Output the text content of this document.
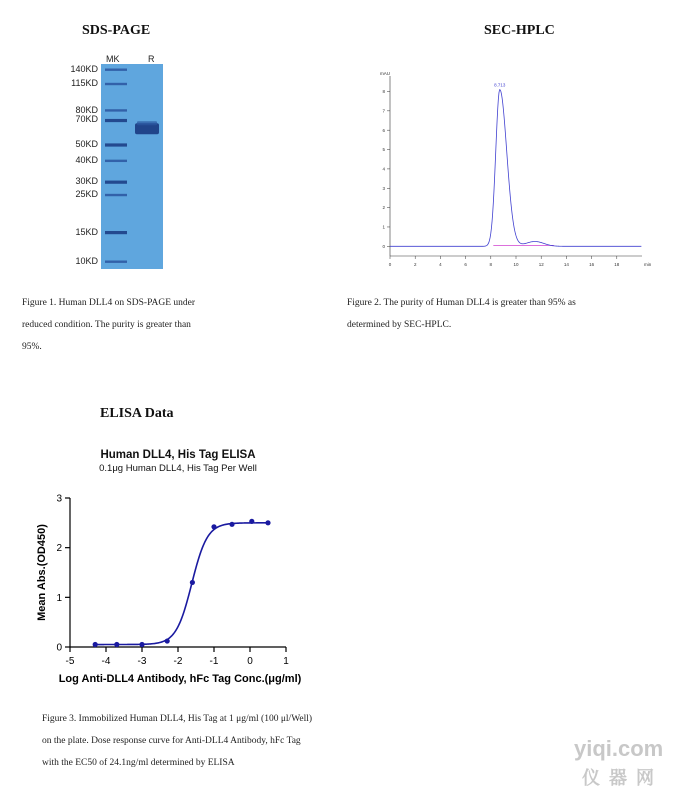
SDS-PAGE
MK	R
140KD
115KD
80KD
70KD
50KD
40KD
30KD
25KD
15KD
10KD
Figure 1. Human DLL4 on SDS-PAGE under
reduced condition. The purity is greater than
95%.
SEC-HPLC
0	2	4	6	8	10	12	14	16	18	min
0
1
2
3
4
5
6
7
8
mAU
8.713
Figure 2. The purity of Human DLL4 is greater than 95% as
determined by SEC-HPLC.
ELISA Data
Human DLL4, His Tag ELISA
0.1μg Human DLL4, His Tag Per Well
-5	-4	-3	-2	-1	0	1
0
1
2
3
Log Anti-DLL4 Antibody, hFc Tag Conc.(μg/ml)
Mean Abs.(OD450)
Figure 3. Immobilized Human DLL4, His Tag at 1 μg/ml (100 μl/Well)
on the plate. Dose response curve for Anti-DLL4 Antibody, hFc Tag
with the EC50 of 24.1ng/ml determined by ELISA
yiqi.com
仪 器 网
